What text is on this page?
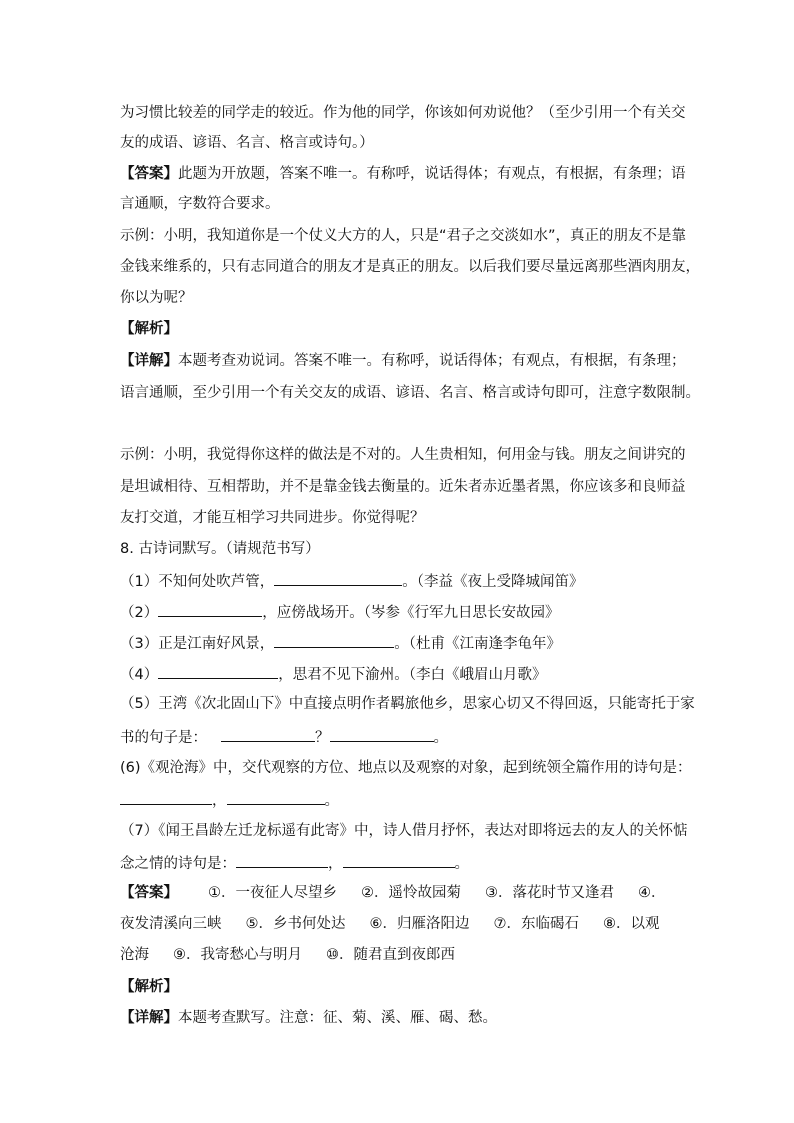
为习惯比较差的同学走的较近。作为他的同学，你该如何劝说他？（至少引用一个有关交
友的成语、谚语、名言、格言或诗句。）
【答案】此题为开放题，答案不唯一。有称呼，说话得体；有观点，有根据，有条理；语
言通顺，字数符合要求。
示例：小明，我知道你是一个仗义大方的人，只是“君子之交淡如水”，真正的朋友不是靠
金钱来维系的，只有志同道合的朋友才是真正的朋友。以后我们要尽量远离那些酒肉朋友，
你以为呢？
【解析】
【详解】本题考查劝说词。答案不唯一。有称呼，说话得体；有观点，有根据，有条理；
语言通顺，至少引用一个有关交友的成语、谚语、名言、格言或诗句即可，注意字数限制。
示例：小明，我觉得你这样的做法是不对的。人生贵相知，何用金与钱。朋友之间讲究的
是坦诚相待、互相帮助，并不是靠金钱去衡量的。近朱者赤近墨者黑，你应该多和良师益
友打交道，才能互相学习共同进步。你觉得呢？
8. 古诗词默写。（请规范书写）
（1）不知何处吹芦管，	。（李益《夜上受降城闻笛》
（2）	，应傍战场开。（岑参《行军九日思长安故园》
（3）正是江南好风景，	。（杜甫《江南逢李龟年》
（4）	，思君不见下渝州。（李白《峨眉山月歌》
（5）王湾《次北固山下》中直接点明作者羁旅他乡，思家心切又不得回返，只能寄托于家
书的句子是：	？	。
(6)《观沧海》中，交代观察的方位、地点以及观察的对象，起到统领全篇作用的诗句是：
，	。
（7）《闻王昌龄左迁龙标遥有此寄》中，诗人借月抒怀，表达对即将远去的友人的关怀惦
念之情的诗句是：	，	。
【答案】 ①．一夜征人尽望乡 ②．遥怜故园菊 ③．落花时节又逢君 ④．
夜发清溪向三峡 ⑤．乡书何处达 ⑥．归雁洛阳边 ⑦．东临碣石 ⑧．以观
沧海 ⑨．我寄愁心与明月 ⑩．随君直到夜郎西
【解析】
【详解】本题考查默写。注意：征、菊、溪、雁、碣、愁。
